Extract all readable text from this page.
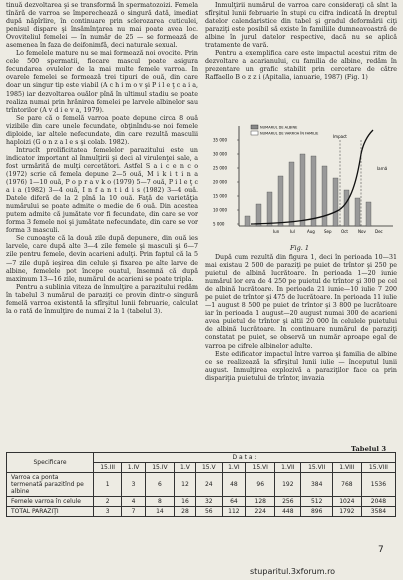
tinuă dezvoltarea şi se transformă în spermatozoizi. Femela tînără de varroa se împerechează o singură dată, imediat după năpîrlire, în continuare prin sclerozarea cuticulei, penisul dispare şi însămînţarea nu mai poate avea loc. Ovoviteliul femelei — în număr de 25 — se formează de asemenea în faza de deifonimfă, deci naturale sexual.

Lo femelele mature nu se mai formează noi ovocite. Prin cele 500 spermatii, fiecare mascul poate asigura fecundarea ovulelor de la mai multe femele varroa. In ovarele femelei se formează trei tipuri de ouă, din care doar un singur tip este viabil (A c h i m o v şi P i l e ţ c a i a, 1985) iar dezvoltarea ouălor pînă în ultimul stadiu se poate realiza numai prin hrănirea femelei pe larvele albinelor sau trîntorilor (A v d i e v a, 1979).

Se pare că o femelă varroa poate depune circa 8 ouă vizibile din care unele fecundate, obţinîndu-se noi femele diploide, iar altele nefecundate, din care rezultă masculii haploizi (G o n z a l e s şi colab. 1982).

Intrucît prolificitatea femelelor parazitului este un indicator important al înmulţirii şi deci al virulenţei sale, a fost urmărită de mulţi cercetători. Astfel S a i c e n c o (1972) scrie că femela depune 2—5 ouă, M i k i t i n a (1976) 1—10 ouă, P o p r a v k o (1979) 5—7 ouă, P i l e ţ c a i a (1982) 3—4 ouă, I n f a n t i d i s (1982) 3—4 ouă. Datele diferă de la 2 pînă la 10 ouă. Faţă de varietăţia numărului se poate admite o medie de 6 ouă. Din acestea putem admite că jumătate vor fi fecundate, din care se vor forma 3 femele noi şi jumătate nefecundate, din care se vor forma 3 masculi.

Se cunoaşte că la două zile după depunere, din ouă ies larvele, care după alte 3—4 zile femele şi masculi şi 6—7 zile pentru femele, devin acarieni adulţi. Prin faptul că la 5—7 zile după ieşirea din celule şi fixarea pe alte larve de albine, femelele pot începe ouatul, însemnă că după maximum 13—16 zile, numărul de acarieni se poate tripla.

Pentru a sublinia viteza de înmulţire a parazitului redăm în tabelul 3 numărul de paraziţi ce provin dintr-o singură femelă varroa existentă la sfîrşitul lunii februarie, calculat la o rată de înmulţire de numai 2 la 1 (tabelul 3).

Inmulţirii numărul de varroa care consideraţi că sînt la sfîrşitul lunii februarie în stupi cu cifra indicată în dreptul datelor calendaristice din tabel şi gradul deformării ciţi paraziţi este posibil să existe în familiile dumneavoastră de albine în jurul datelor respective, dacă nu se aplică tratamente de vară.

Pentru a exemplifica care este impactul acestui ritm de dezvoltare a acarianului, cu familia de albine, redăm în prezentare un grafic stabilit prin cercetare de către Raffaello B o z z i (Apitalia, ianuarie, 1987) (Fig. 1)

35 000
30 000
25 000
20 000
15 000
10 000
5 000
Iun	Iul	Aug Sep Oct	Nov Dec
NUMARUL DE ALBINE
NUMARUL DE VARROA ÎN FAMILIE
Impact
Iarnă
Fig. 1

După cum rezultă din figura 1, deci în perioada 10—31 mai existau 2 500 de paraziţi pe puiet de trîntor şi 250 pe puietul de albină lucrătoare. In perioada 1—20 iunie numărul lor era de 4 250 pe puietul de trîntor şi 300 pe cel de albină lucrătoare. In perioada 21 iunie—10 iulie 7 200 pe puiet de trîntor şi 475 de lucrătoare. In perioada 11 iulie—1 august 8 500 pe puiet de trîntor şi 3 800 pe lucrătoare iar în perioada 1 august—20 august numai 300 de acarieni avea puietul de trîntor şi altii 20 000 în celulele puietului de albină lucrătoare. In continuare numărul de paraziţi constatat pe puiet, se observă un număr aproape egal de varroa pe cifrele albinelor adulte.

Este edificator impactul între varroa şi familia de albine ce se realizează la sfîrşitul lunii iulie — începutul lunii august. Inmulţirea explozivă a paraziţilor face ca prin dispariţia puietului de trîntor, invazia

Tabelul 3
Specificare	D a t a :										
	15.III	1.IV	15.IV	1.V	15.V	1.VI	15.VI	1.VII	15.VII	1.VIII	15.VIII
Varroa ca ponta termenată parazitînd pe albine	1	3	6	12	24	48	96	192	384	768	1536
Femele varroa în celule	2	4	8	16	32	64	128	256	512	1024	2048
TOTAL PARAZIŢI	3	7	14	28	56	112	224	448	896	1792	3584
7
stuparitul.3xforum.ro
